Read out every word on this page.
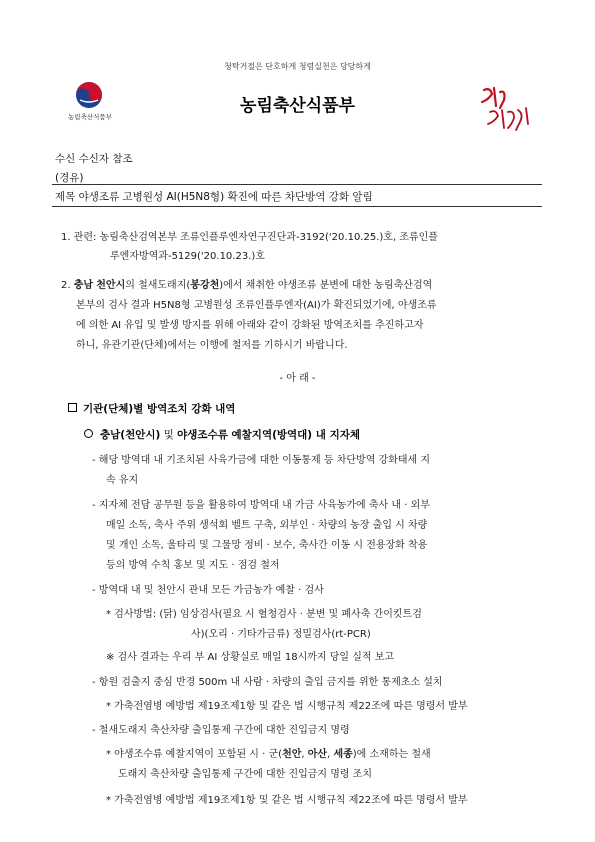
청탁거절은 단호하게 청렴실천은 당당하게
농림축산식품부
농림축산식품부
수신 수신자 참조
(경유)
제목 야생조류 고병원성 AI(H5N8형) 확진에 따른 차단방역 강화 알림
1. 관련: 농림축산검역본부 조류인플루엔자연구진단과-3192('20.10.25.)호, 조류인플
루엔자방역과-5129('20.10.23.)호
2. 충남 천안시의 철새도래지(봉강천)에서 채취한 야생조류 분변에 대한 농림축산검역
본부의 검사 결과 H5N8형 고병원성 조류인플루엔자(AI)가 확진되었기에, 야생조류
에 의한 AI 유입 및 발생 방지를 위해 아래와 같이 강화된 방역조치를 추진하고자
하니, 유관기관(단체)에서는 이행에 철저를 기하시기 바랍니다.
- 아 래 -
기관(단체)별 방역조치 강화 내역
충남(천안시) 및 야생조수류 예찰지역(방역대) 내 지자체
- 해당 방역대 내 기조치된 사육가금에 대한 이동통제 등 차단방역 강화태세 지
속 유지
- 지자체 전담 공무원 등을 활용하여 방역대 내 가금 사육농가에 축사 내 · 외부
매일 소독, 축사 주위 생석회 벨트 구축, 외부인 · 차량의 농장 출입 시 차량
및 개인 소독, 울타리 및 그물망 정비 · 보수, 축사간 이동 시 전용장화 착용
등의 방역 수칙 홍보 및 지도 · 점검 철저
- 방역대 내 및 천안시 관내 모든 가금농가 예찰 · 검사
* 검사방법: (닭) 임상검사(필요 시 혈청검사 · 분변 및 폐사축 간이킷트검
사)(오리 · 기타가금류) 정밀검사(rt-PCR)
※ 검사 결과는 우리 부 AI 상황실로 매일 18시까지 당일 실적 보고
- 항원 검출지 중심 반경 500m 내 사람 · 차량의 출입 금지를 위한 통제초소 설치
* 가축전염병 예방법 제19조제1항 및 같은 법 시행규칙 제22조에 따른 명령서 발부
- 철새도래지 축산차량 출입통제 구간에 대한 진입금지 명령
* 야생조수류 예찰지역이 포함된 시 · 군(천안, 아산, 세종)에 소재하는 철새
도래지 축산차량 출입통제 구간에 대한 진입금지 명령 조치
* 가축전염병 예방법 제19조제1항 및 같은 법 시행규칙 제22조에 따른 명령서 발부
